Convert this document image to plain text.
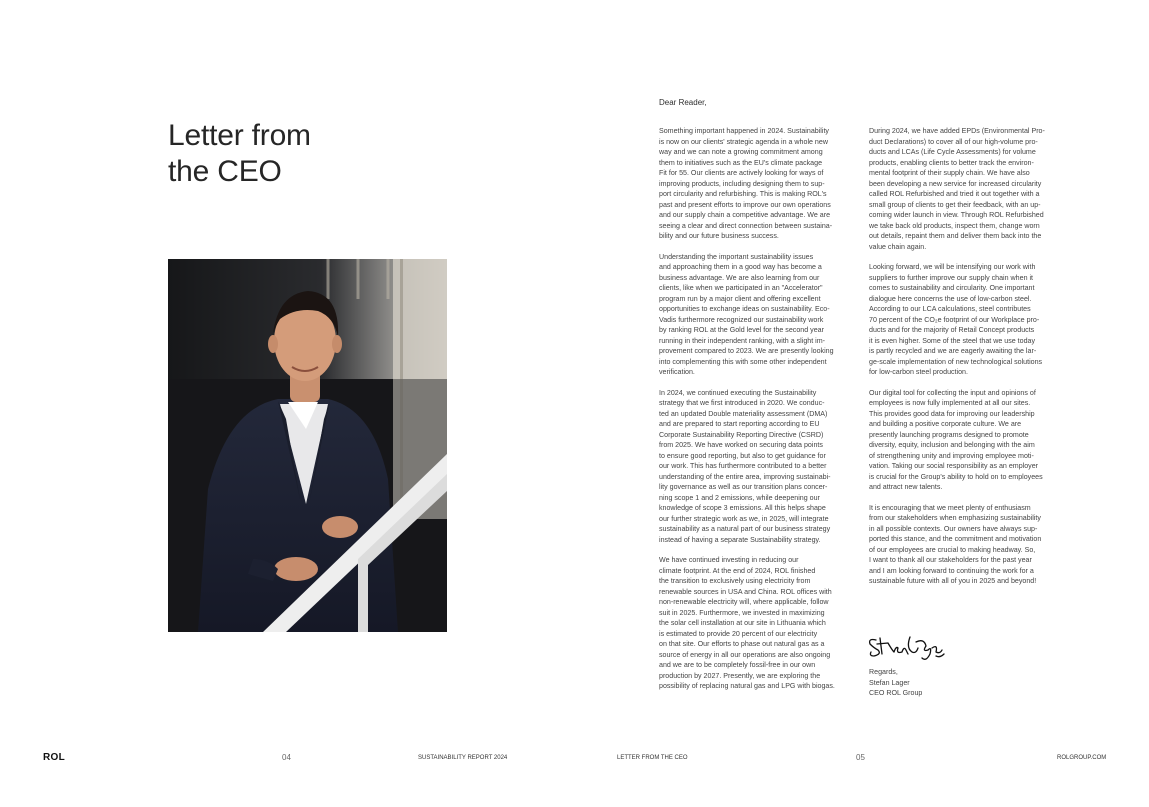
Letter from
the CEO
Dear Reader,

Something important happened in 2024. Sustainability
is now on our clients' strategic agenda in a whole new
way and we can note a growing commitment among
them to initiatives such as the EU's climate package
Fit for 55. Our clients are actively looking for ways of
improving products, including designing them to sup-
port circularity and refurbishing. This is making ROL's
past and present efforts to improve our own operations
and our supply chain a competitive advantage. We are
seeing a clear and direct connection between sustaina-
bility and our future business success.

Understanding the important sustainability issues
and approaching them in a good way has become a
business advantage. We are also learning from our
clients, like when we participated in an "Accelerator"
program run by a major client and offering excellent
opportunities to exchange ideas on sustainability. Eco-
Vadis furthermore recognized our sustainability work
by ranking ROL at the Gold level for the second year
running in their independent ranking, with a slight im-
provement compared to 2023. We are presently looking
into complementing this with some other independent
verification.

In 2024, we continued executing the Sustainability
strategy that we first introduced in 2020. We conduc-
ted an updated Double materiality assessment (DMA)
and are prepared to start reporting according to EU
Corporate Sustainability Reporting Directive (CSRD)
from 2025. We have worked on securing data points
to ensure good reporting, but also to get guidance for
our work. This has furthermore contributed to a better
understanding of the entire area, improving sustainabi-
lity governance as well as our transition plans concer-
ning scope 1 and 2 emissions, while deepening our
knowledge of scope 3 emissions. All this helps shape
our further strategic work as we, in 2025, will integrate
sustainability as a natural part of our business strategy
instead of having a separate Sustainability strategy.

We have continued investing in reducing our
climate footprint. At the end of 2024, ROL finished
the transition to exclusively using electricity from
renewable sources in USA and China. ROL offices with
non-renewable electricity will, where applicable, follow
suit in 2025. Furthermore, we invested in maximizing
the solar cell installation at our site in Lithuania which
is estimated to provide 20 percent of our electricity
on that site. Our efforts to phase out natural gas as a
source of energy in all our operations are also ongoing
and we are to be completely fossil-free in our own
production by 2027. Presently, we are exploring the
possibility of replacing natural gas and LPG with biogas.

During 2024, we have added EPDs (Environmental Pro-
duct Declarations) to cover all of our high-volume pro-
ducts and LCAs (Life Cycle Assessments) for volume
products, enabling clients to better track the environ-
mental footprint of their supply chain. We have also
been developing a new service for increased circularity
called ROL Refurbished and tried it out together with a
small group of clients to get their feedback, with an up-
coming wider launch in view. Through ROL Refurbished
we take back old products, inspect them, change worn
out details, repaint them and deliver them back into the
value chain again.

Looking forward, we will be intensifying our work with
suppliers to further improve our supply chain when it
comes to sustainability and circularity. One important
dialogue here concerns the use of low-carbon steel.
According to our LCA calculations, steel contributes
70 percent of the CO₂e footprint of our Workplace pro-
ducts and for the majority of Retail Concept products
it is even higher. Some of the steel that we use today
is partly recycled and we are eagerly awaiting the lar-
ge-scale implementation of new technological solutions
for low-carbon steel production.

Our digital tool for collecting the input and opinions of
employees is now fully implemented at all our sites.
This provides good data for improving our leadership
and building a positive corporate culture. We are
presently launching programs designed to promote
diversity, equity, inclusion and belonging with the aim
of strengthening unity and improving employee moti-
vation. Taking our social responsibility as an employer
is crucial for the Group's ability to hold on to employees
and attract new talents.

It is encouraging that we meet plenty of enthusiasm
from our stakeholders when emphasizing sustainability
in all possible contexts. Our owners have always sup-
ported this stance, and the commitment and motivation
of our employees are crucial to making headway. So,
I want to thank all our stakeholders for the past year
and I am looking forward to continuing the work for a
sustainable future with all of you in 2025 and beyond!

Regards,
Stefan Lager
CEO ROL Group
ROL	04	SUSTAINABILITY REPORT 2024	LETTER FROM THE CEO	05	ROLGROUP.COM
